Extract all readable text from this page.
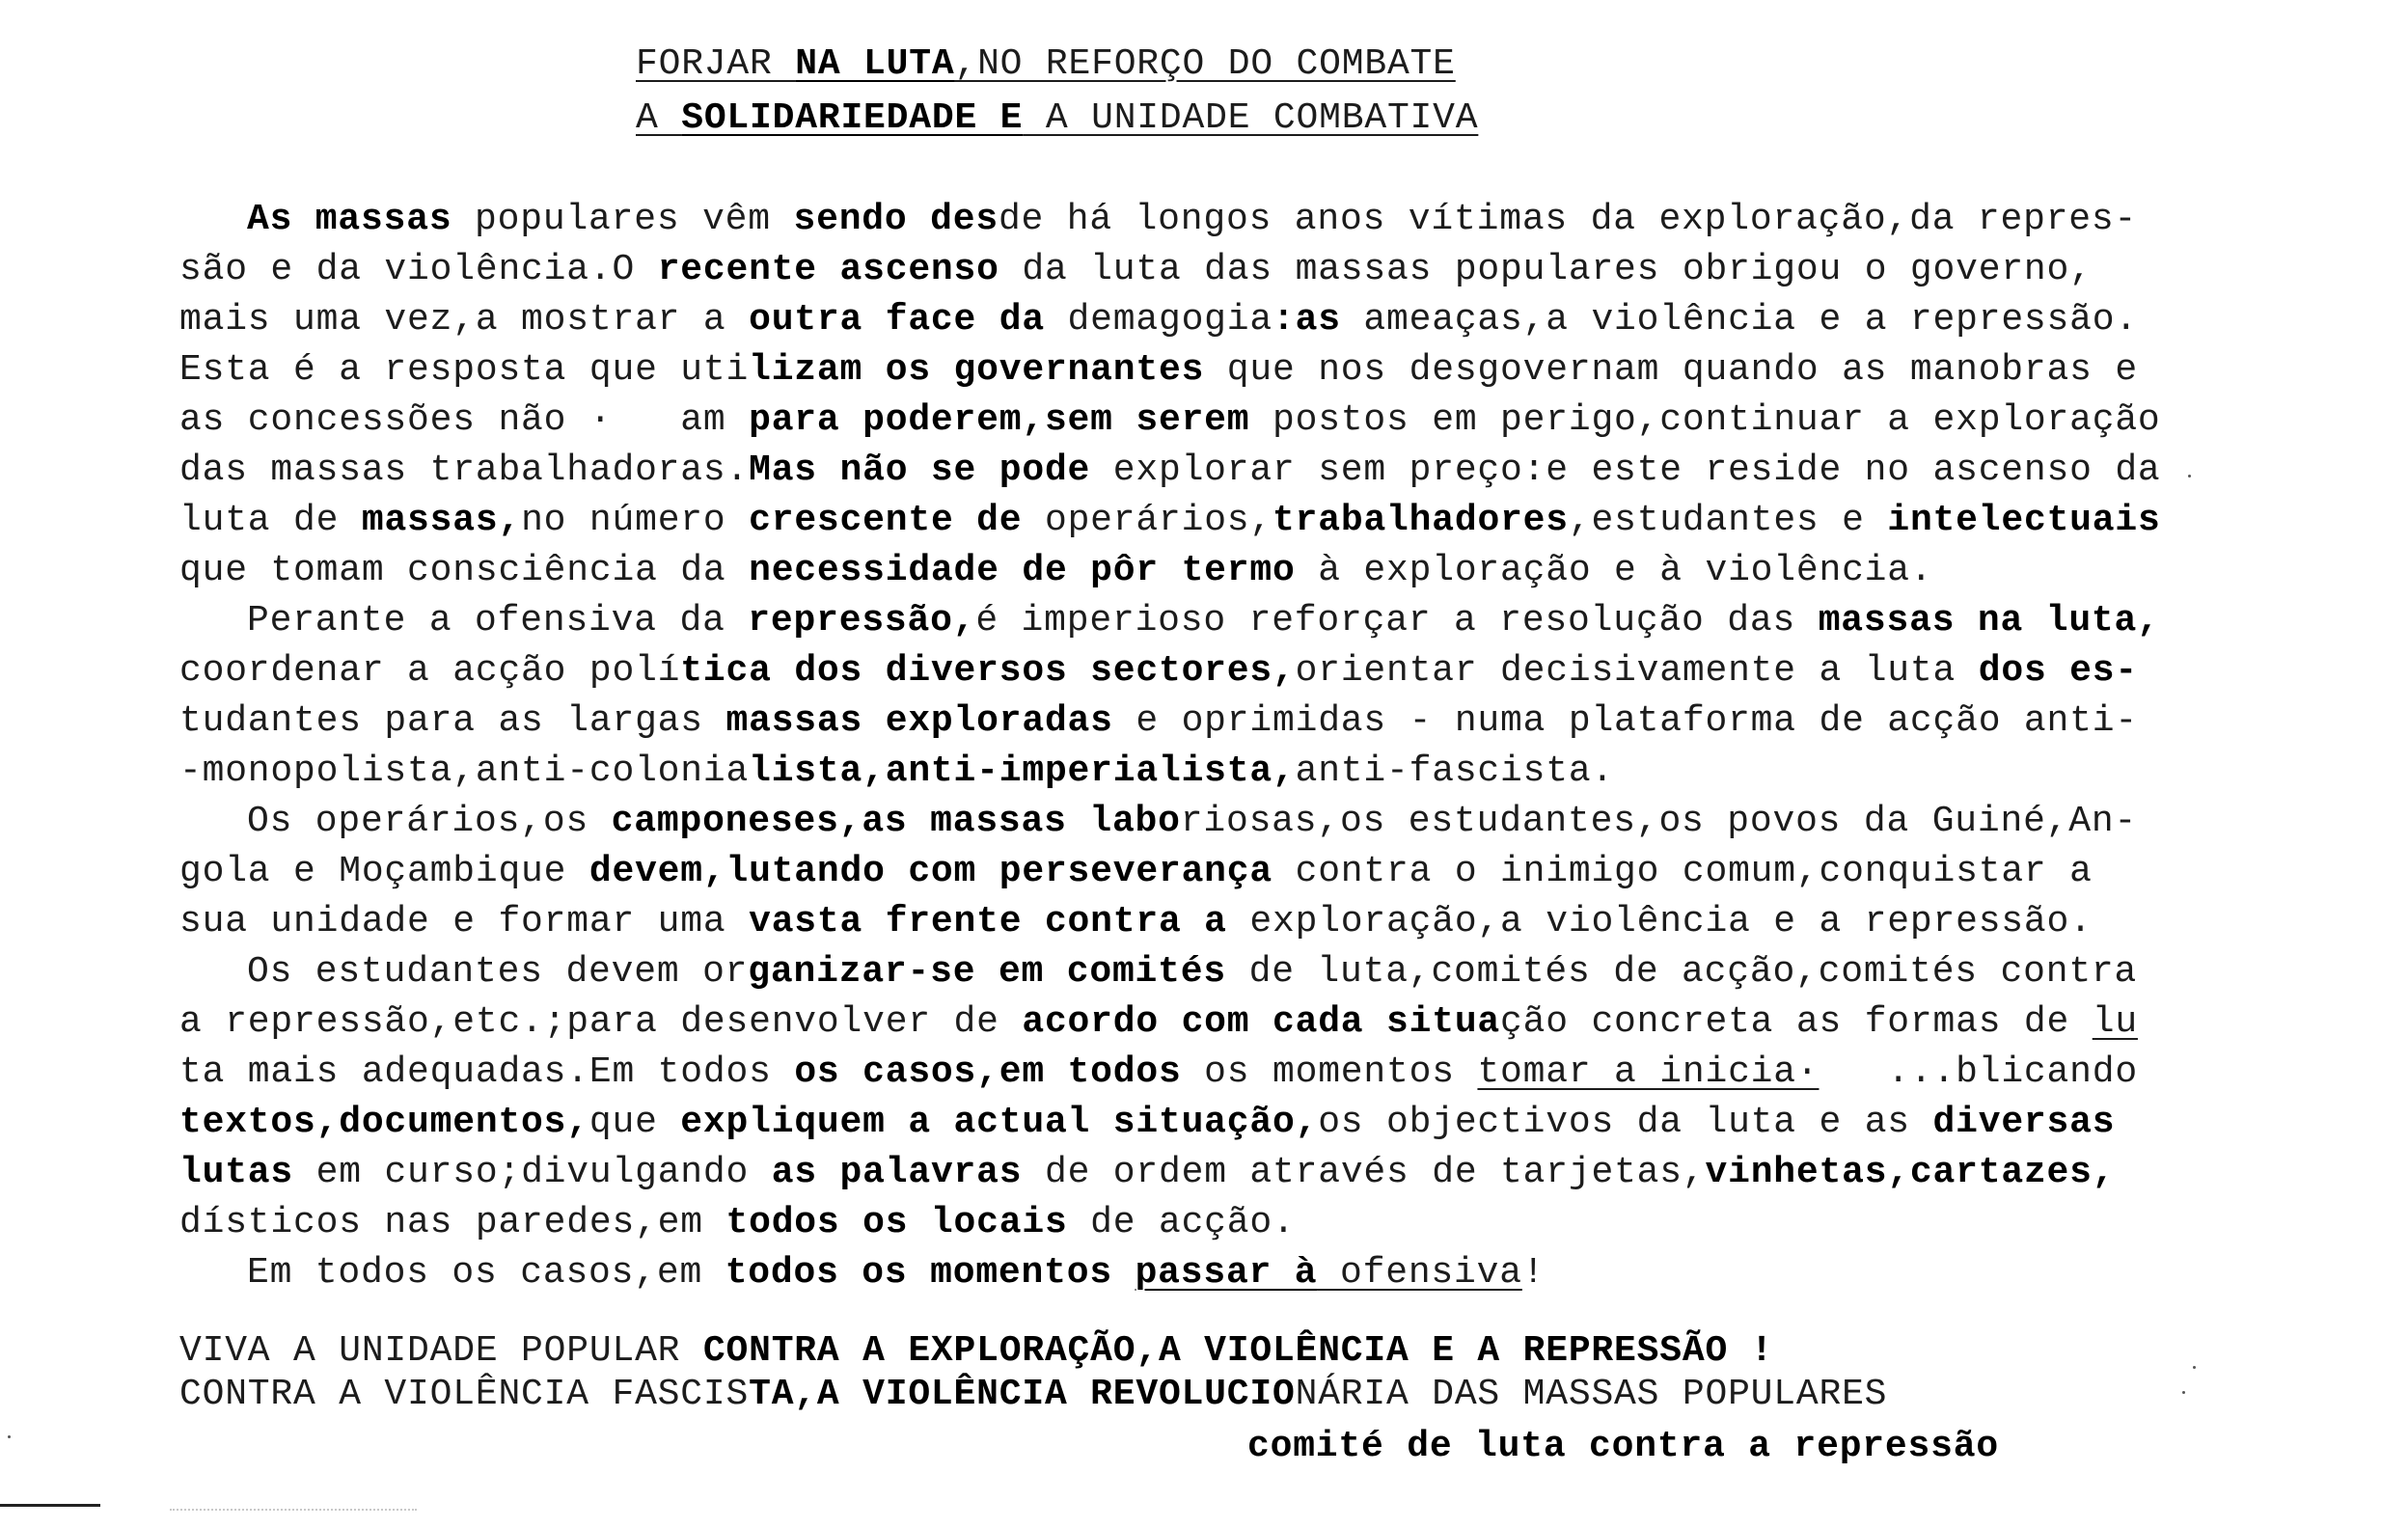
FORJAR NA LUTA,NO REFORÇO DO COMBATE
A SOLIDARIEDADE E A UNIDADE COMBATIVA
As massas populares vêm sendo desde há longos anos vítimas da exploração,da repres-
são e da violência.O recente ascenso da luta das massas populares obrigou o governo,
mais uma vez,a mostrar a outra face da demagogia:as ameaças,a violência e a repressão.
Esta é a resposta que utilizam os governantes que nos desgovernam quando as manobras e
as concessões não ·   am para poderem,sem serem postos em perigo,continuar a exploração
das massas trabalhadoras.Mas não se pode explorar sem preço:e este reside no ascenso da
luta de massas,no número crescente de operários,trabalhadores,estudantes e intelectuais
que tomam consciência da necessidade de pôr termo à exploração e à violência.
Perante a ofensiva da repressão,é imperioso reforçar a resolução das massas na luta,
coordenar a acção política dos diversos sectores,orientar decisivamente a luta dos es-
tudantes para as largas massas exploradas e oprimidas - numa plataforma de acção anti-
-monopolista,anti-colonialista,anti-imperialista,anti-fascista.
Os operários,os camponeses,as massas laboriosas,os estudantes,os povos da Guiné,An-
gola e Moçambique devem,lutando com perseverança contra o inimigo comum,conquistar a
sua unidade e formar uma vasta frente contra a exploração,a violência e a repressão.
Os estudantes devem organizar-se em comités de luta,comités de acção,comités contra
a repressão,etc.;para desenvolver de acordo com cada situação concreta as formas de lu
ta mais adequadas.Em todos os casos,em todos os momentos tomar a inicia·   ...blicando
textos,documentos,que expliquem a actual situação,os objectivos da luta e as diversas
lutas em curso;divulgando as palavras de ordem através de tarjetas,vinhetas,cartazes,
dísticos nas paredes,em todos os locais de acção.
Em todos os casos,em todos os momentos passar à ofensiva!
VIVA A UNIDADE POPULAR CONTRA A EXPLORAÇÃO,A VIOLÊNCIA E A REPRESSÃO !
CONTRA A VIOLÊNCIA FASCISTA,A VIOLÊNCIA REVOLUCIONÁRIA DAS MASSAS POPULARES
comité de luta contra a repressão
